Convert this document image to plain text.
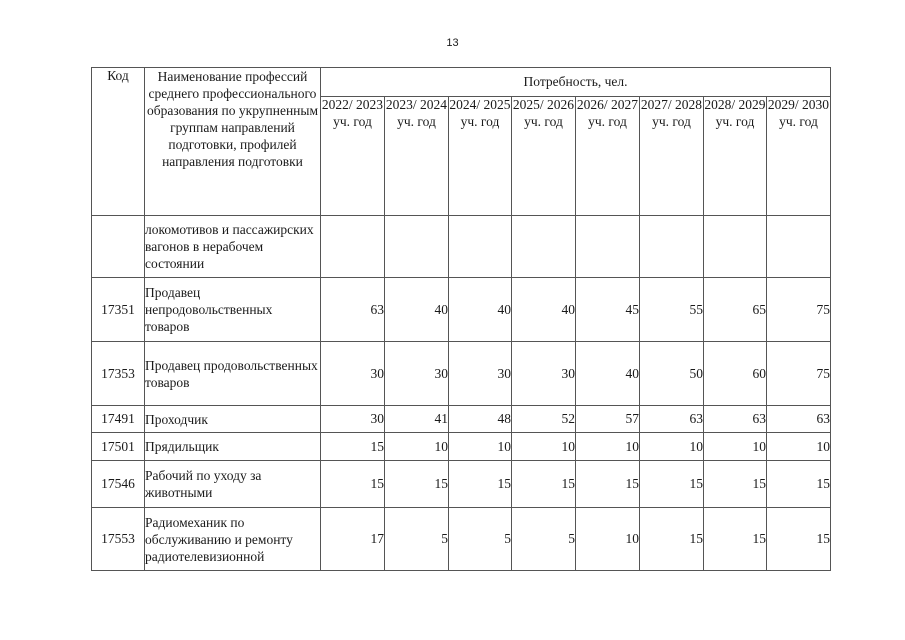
13
Код	Наименование профессий среднего профессионального образования по укрупненным группам направлений подготовки, профилей направления подготовки	Потребность, чел.							
		2022/ 2023 уч. год	2023/ 2024 уч. год	2024/ 2025 уч. год	2025/ 2026 уч. год	2026/ 2027 уч. год	2027/ 2028 уч. год	2028/ 2029 уч. год	2029/ 2030 уч. год
	локомотивов и пассажирских вагонов в нерабочем состоянии								
17351	Продавец непродовольственных товаров	63	40	40	40	45	55	65	75
17353	Продавец продовольственных товаров	30	30	30	30	40	50	60	75
17491	Проходчик	30	41	48	52	57	63	63	63
17501	Прядильщик	15	10	10	10	10	10	10	10
17546	Рабочий по уходу за животными	15	15	15	15	15	15	15	15
17553	Радиомеханик по обслуживанию и ремонту радиотелевизионной	17	5	5	5	10	15	15	15
